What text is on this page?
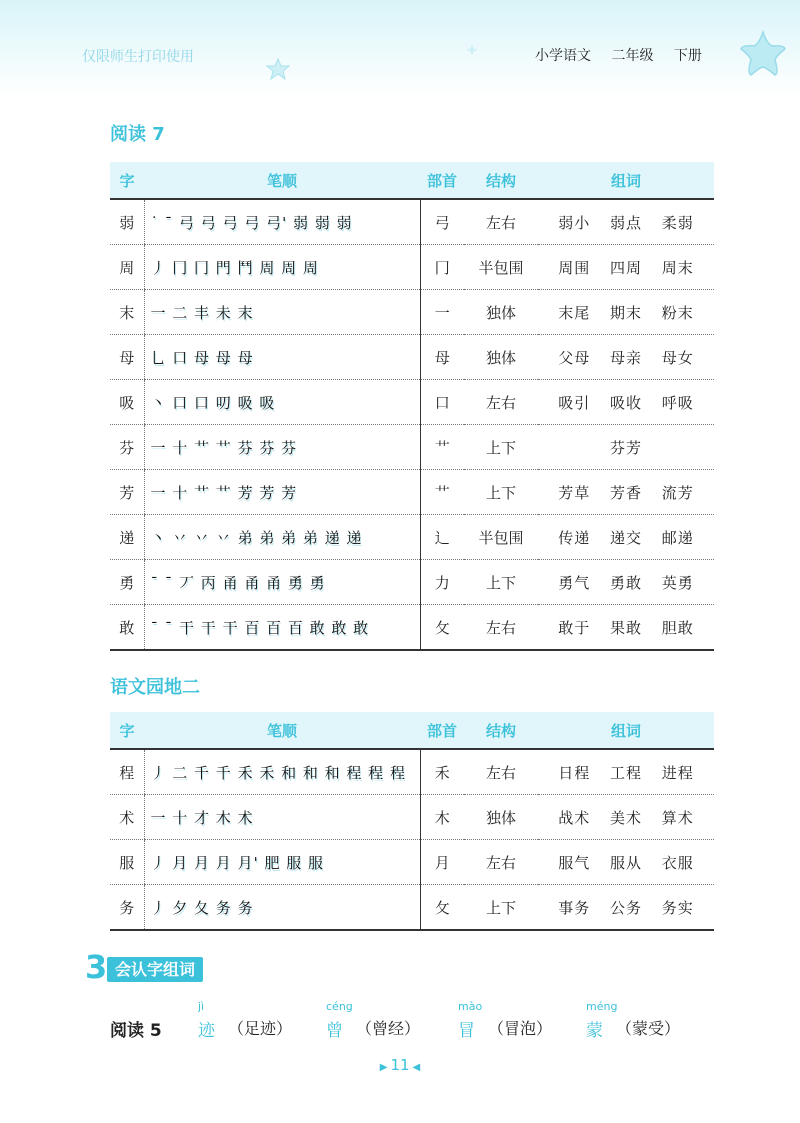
仅限师生打印使用	小学语文 二年级 下册
阅读 7
字	笔顺	部首	结构	组词
弱	˙ ˉ 弓 弓 弓 弓 弓' 弱 弱 弱	弓	左右	弱小 弱点 柔弱
周	丿 冂 冂 門 鬥 周 周 周	冂	半包围	周围 四周 周末
末	一 二 丰 未 末	一	独体	末尾 期末 粉末
母	乚 口 母 母 母	母	独体	父母 母亲 母女
吸	丶 口 口 叨 吸 吸	口	左右	吸引 吸收 呼吸
芬	一 十 艹 艹 芬 芬 芬	艹	上下	芬芳
芳	一 十 艹 艹 芳 芳 芳	艹	上下	芳草 芳香 流芳
递	丶 丷 丷 丷 弟 弟 弟 弟 递 递	辶	半包围	传递 递交 邮递
勇	ˉ ˉ 丆 丙 甬 甬 甬 勇 勇	力	上下	勇气 勇敢 英勇
敢	ˉ ˉ 干 干 干 百 百 百 敢 敢 敢	攵	左右	敢于 果敢 胆敢
语文园地二
字	笔顺	部首	结构	组词
程	丿 二 千 千 禾 禾 和 和 和 程 程 程	禾	左右	日程 工程 进程
术	一 十 才 木 术	木	独体	战术 美术 算术
服	丿 月 月 月 月' 肥 服 服	月	左右	服气 服从 衣服
务	丿 夕 夂 务 务	攵	上下	事务 公务 务实
3 会认字组词
阅读 5
jì
迹 （足迹）
céng
曾 （曾经）
mào
冒 （冒泡）
méng
蒙 （蒙受）
▶ 11 ◀
